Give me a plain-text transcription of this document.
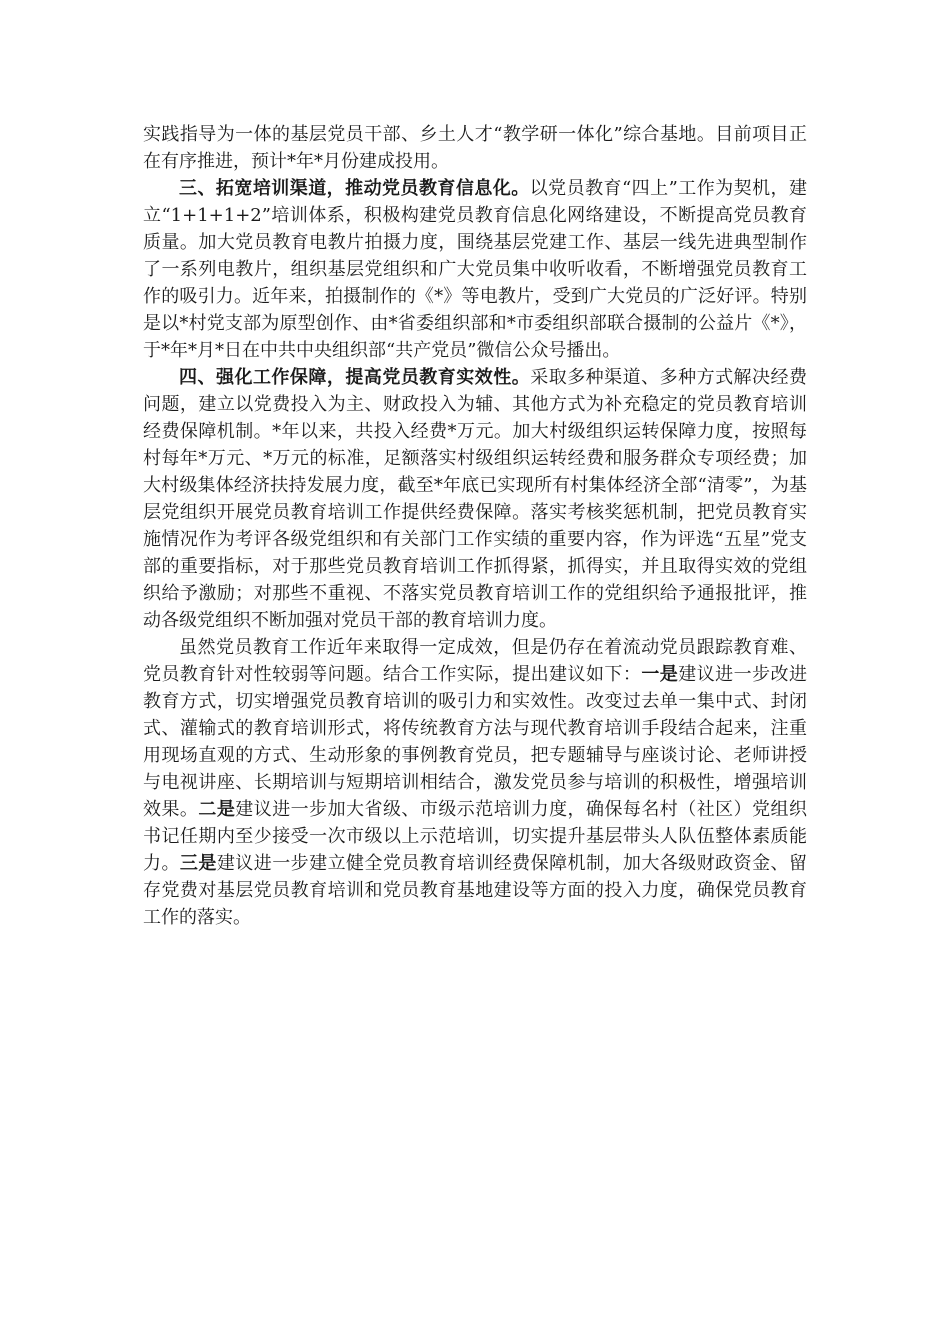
实践指导为一体的基层党员干部、乡土人才“教学研一体化”综合基地。目前项目正在有序推进，预计*年*月份建成投用。

三、拓宽培训渠道，推动党员教育信息化。以党员教育“四上”工作为契机，建立“1+1+1+2”培训体系，积极构建党员教育信息化网络建设，不断提高党员教育质量。加大党员教育电教片拍摄力度，围绕基层党建工作、基层一线先进典型制作了一系列电教片，组织基层党组织和广大党员集中收听收看，不断增强党员教育工作的吸引力。近年来，拍摄制作的《*》等电教片，受到广大党员的广泛好评。特别是以*村党支部为原型创作、由*省委组织部和*市委组织部联合摄制的公益片《*》，于*年*月*日在中共中央组织部“共产党员”微信公众号播出。

四、强化工作保障，提高党员教育实效性。采取多种渠道、多种方式解决经费问题，建立以党费投入为主、财政投入为辅、其他方式为补充稳定的党员教育培训经费保障机制。*年以来，共投入经费*万元。加大村级组织运转保障力度，按照每村每年*万元、*万元的标准，足额落实村级组织运转经费和服务群众专项经费；加大村级集体经济扶持发展力度，截至*年底已实现所有村集体经济全部“清零”，为基层党组织开展党员教育培训工作提供经费保障。落实考核奖惩机制，把党员教育实施情况作为考评各级党组织和有关部门工作实绩的重要内容，作为评选“五星”党支部的重要指标，对于那些党员教育培训工作抓得紧，抓得实，并且取得实效的党组织给予激励；对那些不重视、不落实党员教育培训工作的党组织给予通报批评，推动各级党组织不断加强对党员干部的教育培训力度。

虽然党员教育工作近年来取得一定成效，但是仍存在着流动党员跟踪教育难、党员教育针对性较弱等问题。结合工作实际，提出建议如下：一是建议进一步改进教育方式，切实增强党员教育培训的吸引力和实效性。改变过去单一集中式、封闭式、灌输式的教育培训形式，将传统教育方法与现代教育培训手段结合起来，注重用现场直观的方式、生动形象的事例教育党员，把专题辅导与座谈讨论、老师讲授与电视讲座、长期培训与短期培训相结合，激发党员参与培训的积极性，增强培训效果。二是建议进一步加大省级、市级示范培训力度，确保每名村（社区）党组织书记任期内至少接受一次市级以上示范培训，切实提升基层带头人队伍整体素质能力。三是建议进一步建立健全党员教育培训经费保障机制，加大各级财政资金、留存党费对基层党员教育培训和党员教育基地建设等方面的投入力度，确保党员教育工作的落实。
